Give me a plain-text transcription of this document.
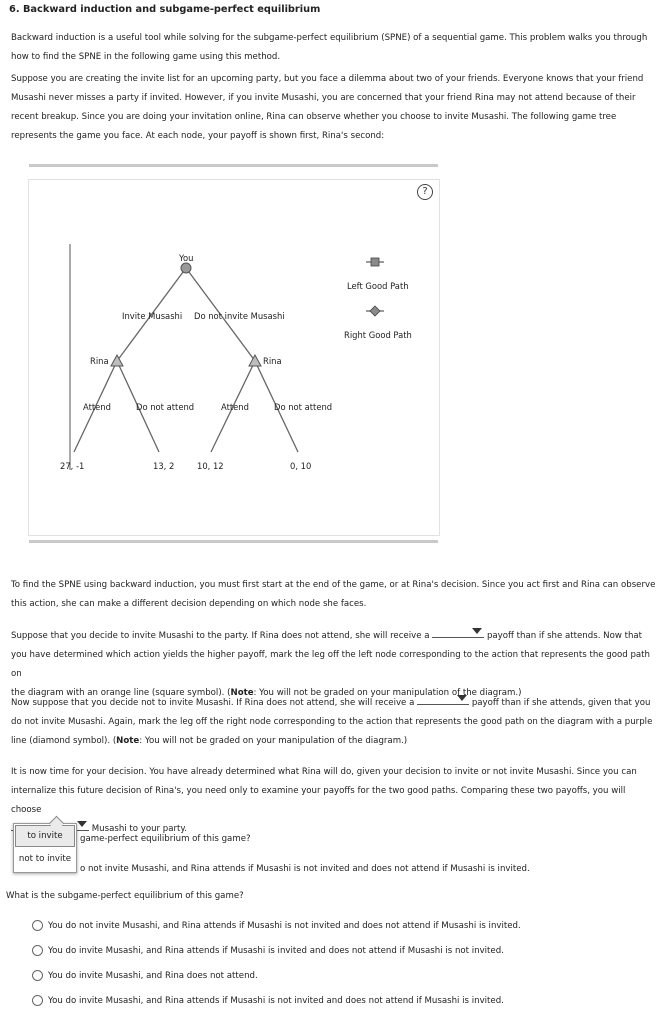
6. Backward induction and subgame-perfect equilibrium
Backward induction is a useful tool while solving for the subgame-perfect equilibrium (SPNE) of a sequential game. This problem walks you through
how to find the SPNE in the following game using this method.
Suppose you are creating the invite list for an upcoming party, but you face a dilemma about two of your friends. Everyone knows that your friend
Musashi never misses a party if invited. However, if you invite Musashi, you are concerned that your friend Rina may not attend because of their
recent breakup. Since you are doing your invitation online, Rina can observe whether you choose to invite Musashi. The following game tree
represents the game you face. At each node, your payoff is shown first, Rina's second:
?
You
Invite Musashi Do not invite Musashi
Rina	Rina
Attend	Do not attend	Attend	Do not attend
27, -1	13, 2	10, 12	0, 10
Left Good Path
Right Good Path
To find the SPNE using backward induction, you must first start at the end of the game, or at Rina's decision. Since you act first and Rina can observe
this action, she can make a different decision depending on which node she faces.
Suppose that you decide to invite Musashi to the party. If Rina does not attend, she will receive a	payoff than if she attends. Now that
you have determined which action yields the higher payoff, mark the leg off the left node corresponding to the action that represents the good path on
the diagram with an orange line (square symbol). (Note: You will not be graded on your manipulation of the diagram.)
Now suppose that you decide not to invite Musashi. If Rina does not attend, she will receive a	payoff than if she attends, given that you
do not invite Musashi. Again, mark the leg off the right node corresponding to the action that represents the good path on the diagram with a purple
line (diamond symbol). (Note: You will not be graded on your manipulation of the diagram.)
It is now time for your decision. You have already determined what Rina will do, given your decision to invite or not invite Musashi. Since you can
internalize this future decision of Rina's, you need only to examine your payoffs for the two good paths. Comparing these two payoffs, you will choose
Musashi to your party.
game-perfect equilibrium of this game?
o not invite Musashi, and Rina attends if Musashi is not invited and does not attend if Musashi is invited.
to invite
not to invite
What is the subgame-perfect equilibrium of this game?
You do not invite Musashi, and Rina attends if Musashi is not invited and does not attend if Musashi is invited.
You do invite Musashi, and Rina attends if Musashi is invited and does not attend if Musashi is not invited.
You do invite Musashi, and Rina does not attend.
You do invite Musashi, and Rina attends if Musashi is not invited and does not attend if Musashi is invited.
